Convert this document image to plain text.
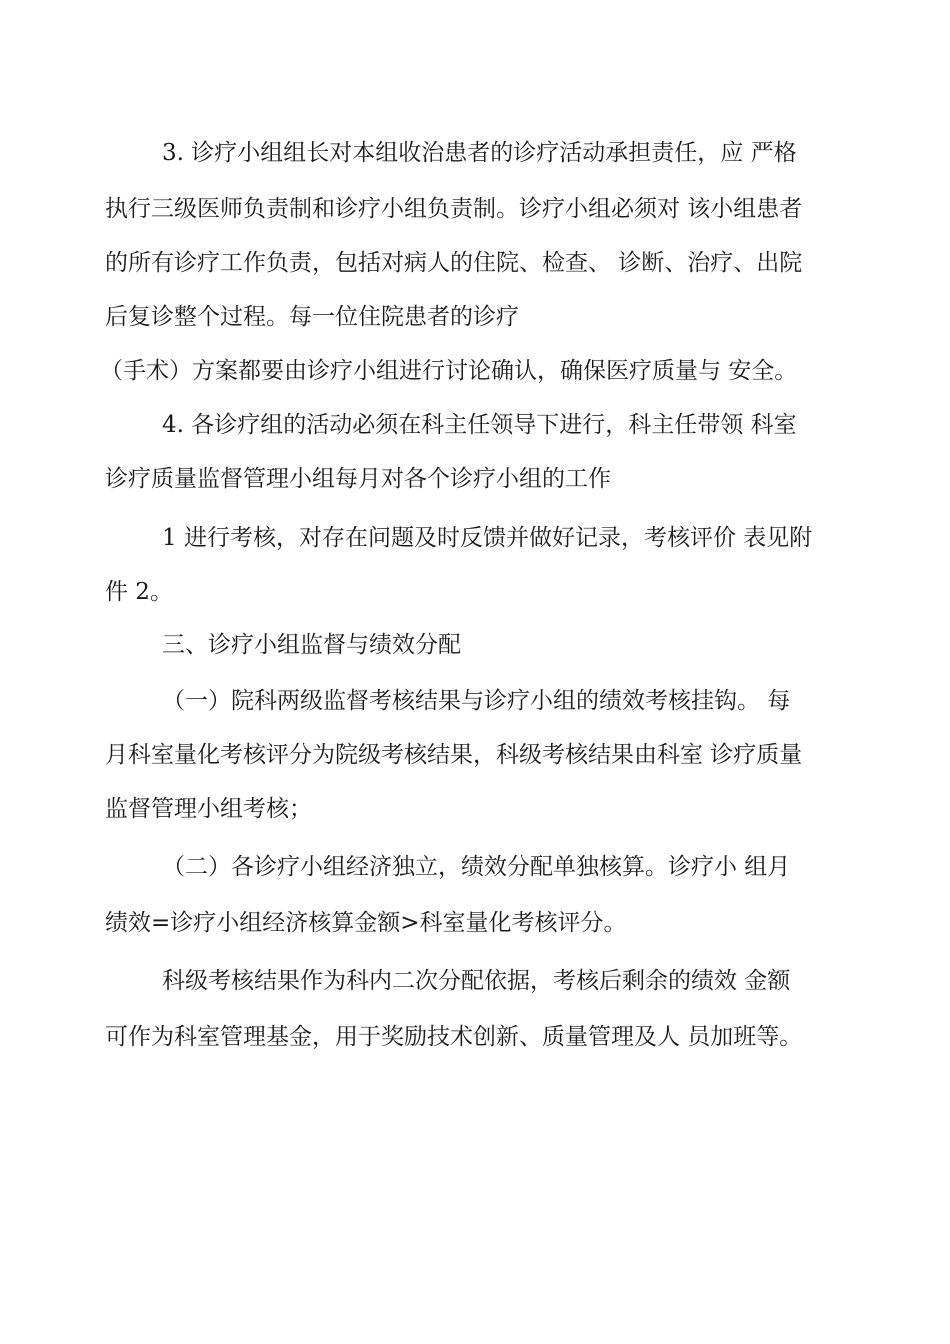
3. 诊疗小组组长对本组收治患者的诊疗活动承担责任，应 严格

执行三级医师负责制和诊疗小组负责制。诊疗小组必须对 该小组患者

的所有诊疗工作负责，包括对病人的住院、检查、 诊断、治疗、出院

后复诊整个过程。每一位住院患者的诊疗

（手术）方案都要由诊疗小组进行讨论确认，确保医疗质量与 安全。

4. 各诊疗组的活动必须在科主任领导下进行，科主任带领 科室

诊疗质量监督管理小组每月对各个诊疗小组的工作

1 进行考核，对存在问题及时反馈并做好记录，考核评价 表见附

件 2。

三、诊疗小组监督与绩效分配

（一）院科两级监督考核结果与诊疗小组的绩效考核挂钩。 每

月科室量化考核评分为院级考核结果，科级考核结果由科室 诊疗质量

监督管理小组考核；

（二）各诊疗小组经济独立，绩效分配单独核算。诊疗小 组月

绩效=诊疗小组经济核算金额>科室量化考核评分。

科级考核结果作为科内二次分配依据，考核后剩余的绩效 金额

可作为科室管理基金，用于奖励技术创新、质量管理及人 员加班等。
